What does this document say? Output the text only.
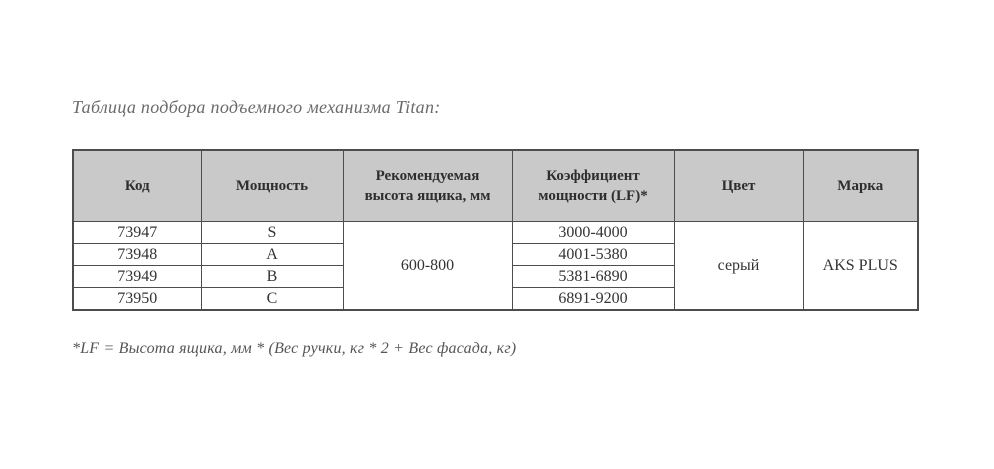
Таблица подбора подъемного механизма Titan:
Код	Мощность	Рекомендуемая высота ящика, мм	Коэффициент мощности (LF)*	Цвет	Марка
73947	S	600-800	3000-4000	серый	AKS PLUS
73948	A		4001-5380		
73949	B		5381-6890		
73950	C		6891-9200		

*LF = Высота ящика, мм * (Вес ручки, кг * 2 + Вес фасада, кг)
